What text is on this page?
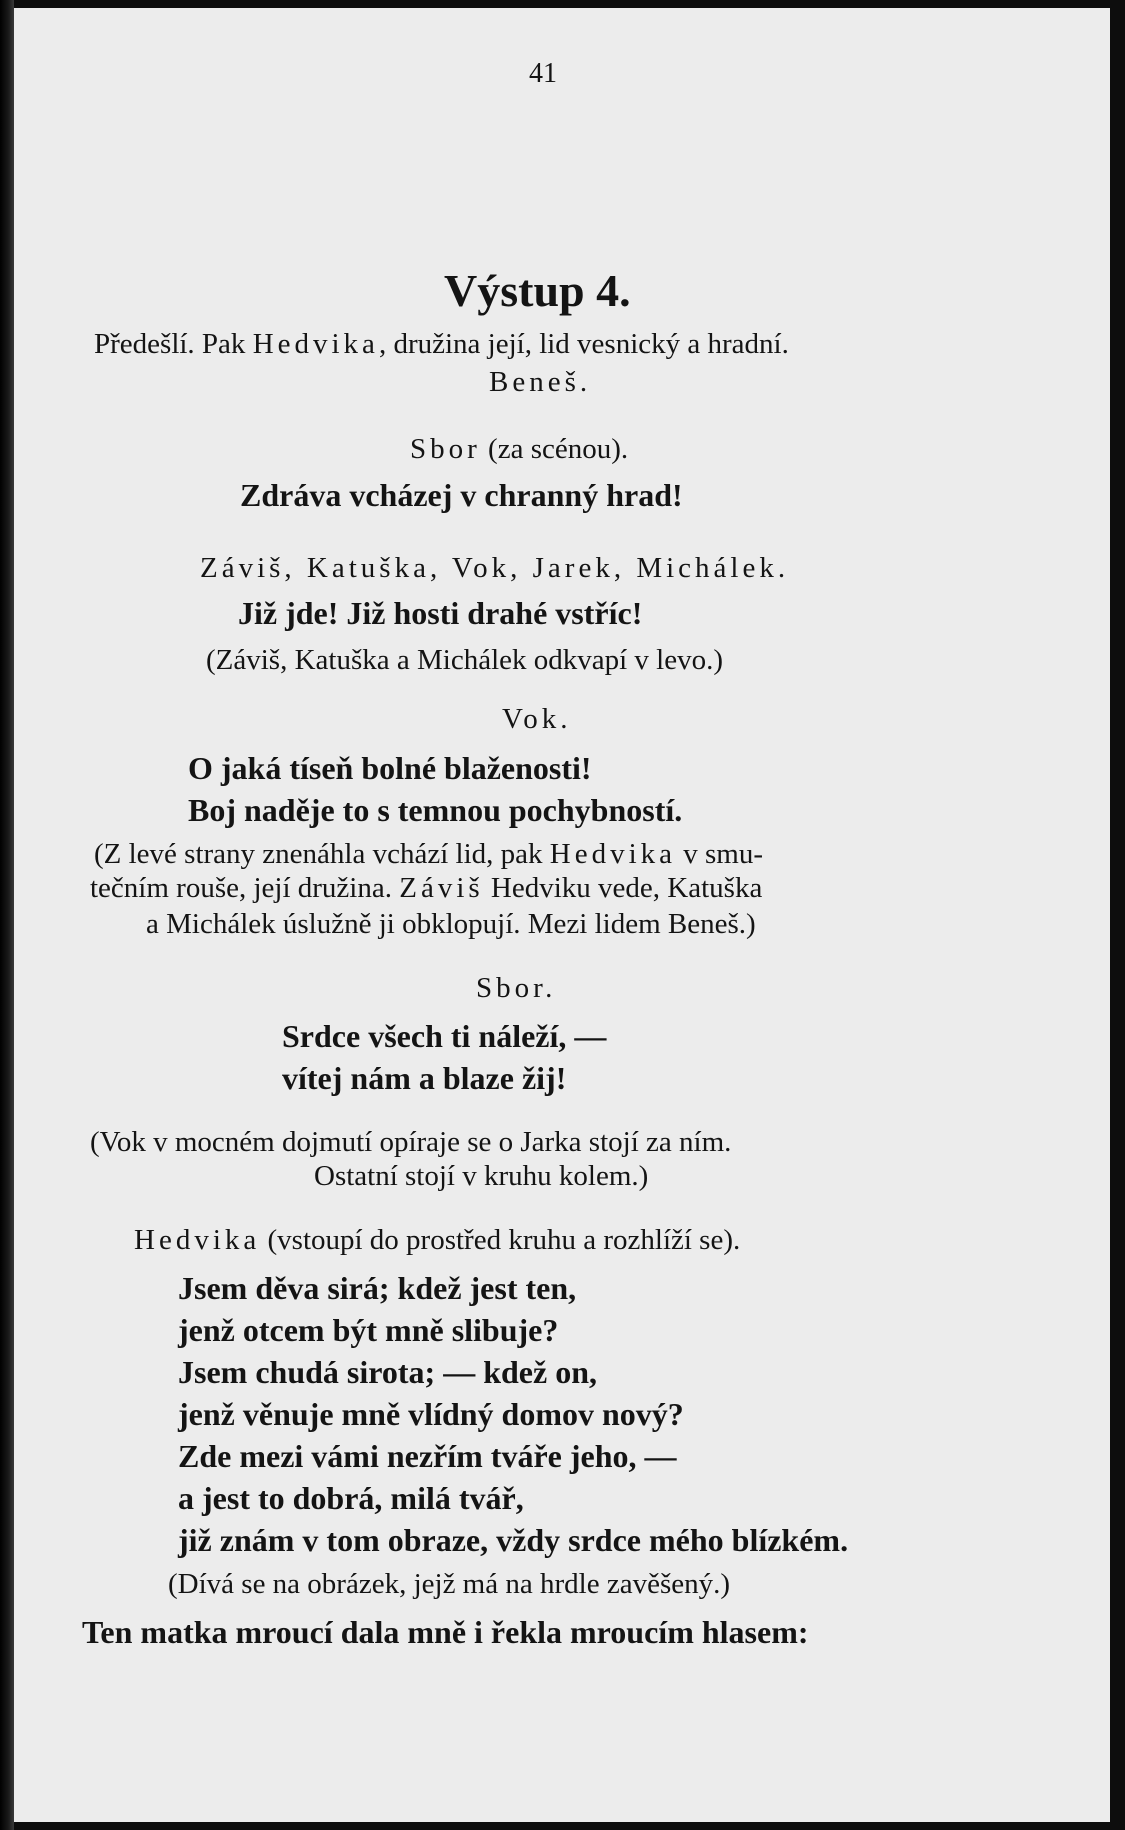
41

Výstup 4.

Předešlí. Pak Hedvika, družina její, lid vesnický a hradní.

Beneš.

Sbor (za scénou).

Zdráva vcházej v chranný hrad!

Záviš, Katuška, Vok, Jarek, Michálek.

Již jde! Již hosti drahé vstříc!

(Záviš, Katuška a Michálek odkvapí v levo.)

Vok.

O jaká tíseň bolné blaženosti!

Boj naděje to s temnou pochybností.

(Z levé strany znenáhla vchází lid, pak Hedvika v smu-

tečním rouše, její družina. Záviš Hedviku vede, Katuška

a Michálek úslužně ji obklopují. Mezi lidem Beneš.)

Sbor.

Srdce všech ti náleží, —

vítej nám a blaze žij!

(Vok v mocném dojmutí opíraje se o Jarka stojí za ním.

Ostatní stojí v kruhu kolem.)

Hedvika (vstoupí do prostřed kruhu a rozhlíží se).

Jsem děva sirá; kdež jest ten,

jenž otcem být mně slibuje?

Jsem chudá sirota; — kdež on,

jenž věnuje mně vlídný domov nový?

Zde mezi vámi nezřím tváře jeho, —

a jest to dobrá, milá tvář,

již znám v tom obraze, vždy srdce mého blízkém.

(Dívá se na obrázek, jejž má na hrdle zavěšený.)

Ten matka mroucí dala mně i řekla mroucím hlasem:
